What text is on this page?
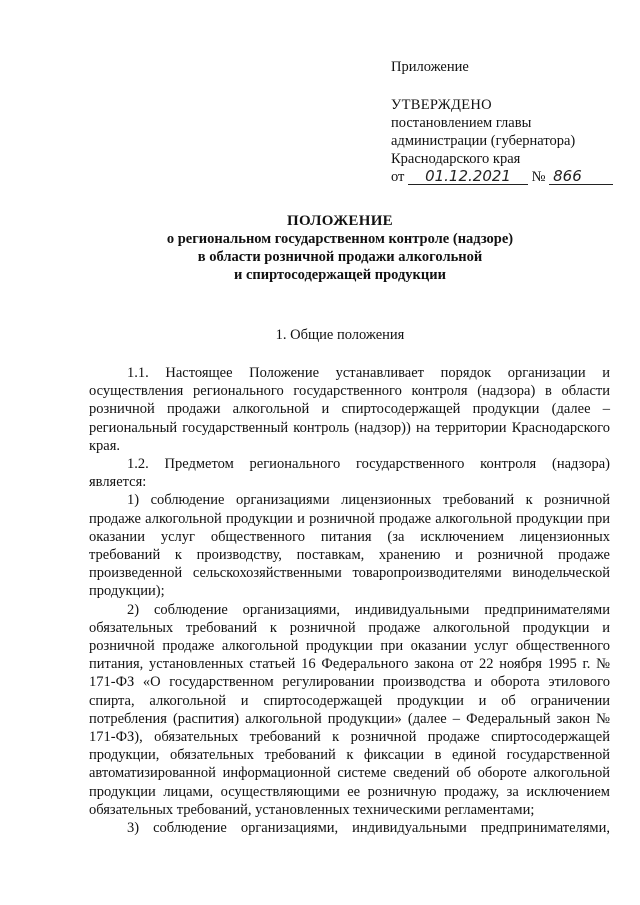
Приложение
УТВЕРЖДЕНО
постановлением главы
администрации (губернатора)
Краснодарского края
от 01.12.2021 № 866
ПОЛОЖЕНИЕ
о региональном государственном контроле (надзоре)
в области розничной продажи алкогольной
и спиртосодержащей продукции
1. Общие положения

1.1. Настоящее Положение устанавливает порядок организации и осуществления регионального государственного контроля (надзора) в области розничной продажи алкогольной и спиртосодержащей продукции (далее – региональный государственный контроль (надзор)) на территории Краснодарского края.

1.2. Предметом регионального государственного контроля (надзора) является:

1) соблюдение организациями лицензионных требований к розничной продаже алкогольной продукции и розничной продаже алкогольной продукции при оказании услуг общественного питания (за исключением лицензионных требований к производству, поставкам, хранению и розничной продаже произведенной сельскохозяйственными товаропроизводителями винодельческой продукции);

2) соблюдение организациями, индивидуальными предпринимателями обязательных требований к розничной продаже алкогольной продукции и розничной продаже алкогольной продукции при оказании услуг общественного питания, установленных статьей 16 Федерального закона от 22 ноября 1995 г. № 171-ФЗ «О государственном регулировании производства и оборота этилового спирта, алкогольной и спиртосодержащей продукции и об ограничении потребления (распития) алкогольной продукции» (далее – Федеральный закон № 171-ФЗ), обязательных требований к розничной продаже спиртосодержащей продукции, обязательных требований к фиксации в единой государственной автоматизированной информационной системе сведений об обороте алкогольной продукции лицами, осуществляющими ее розничную продажу, за исключением обязательных требований, установленных техническими регламентами;

3) соблюдение организациями, индивидуальными предпринимателями,
